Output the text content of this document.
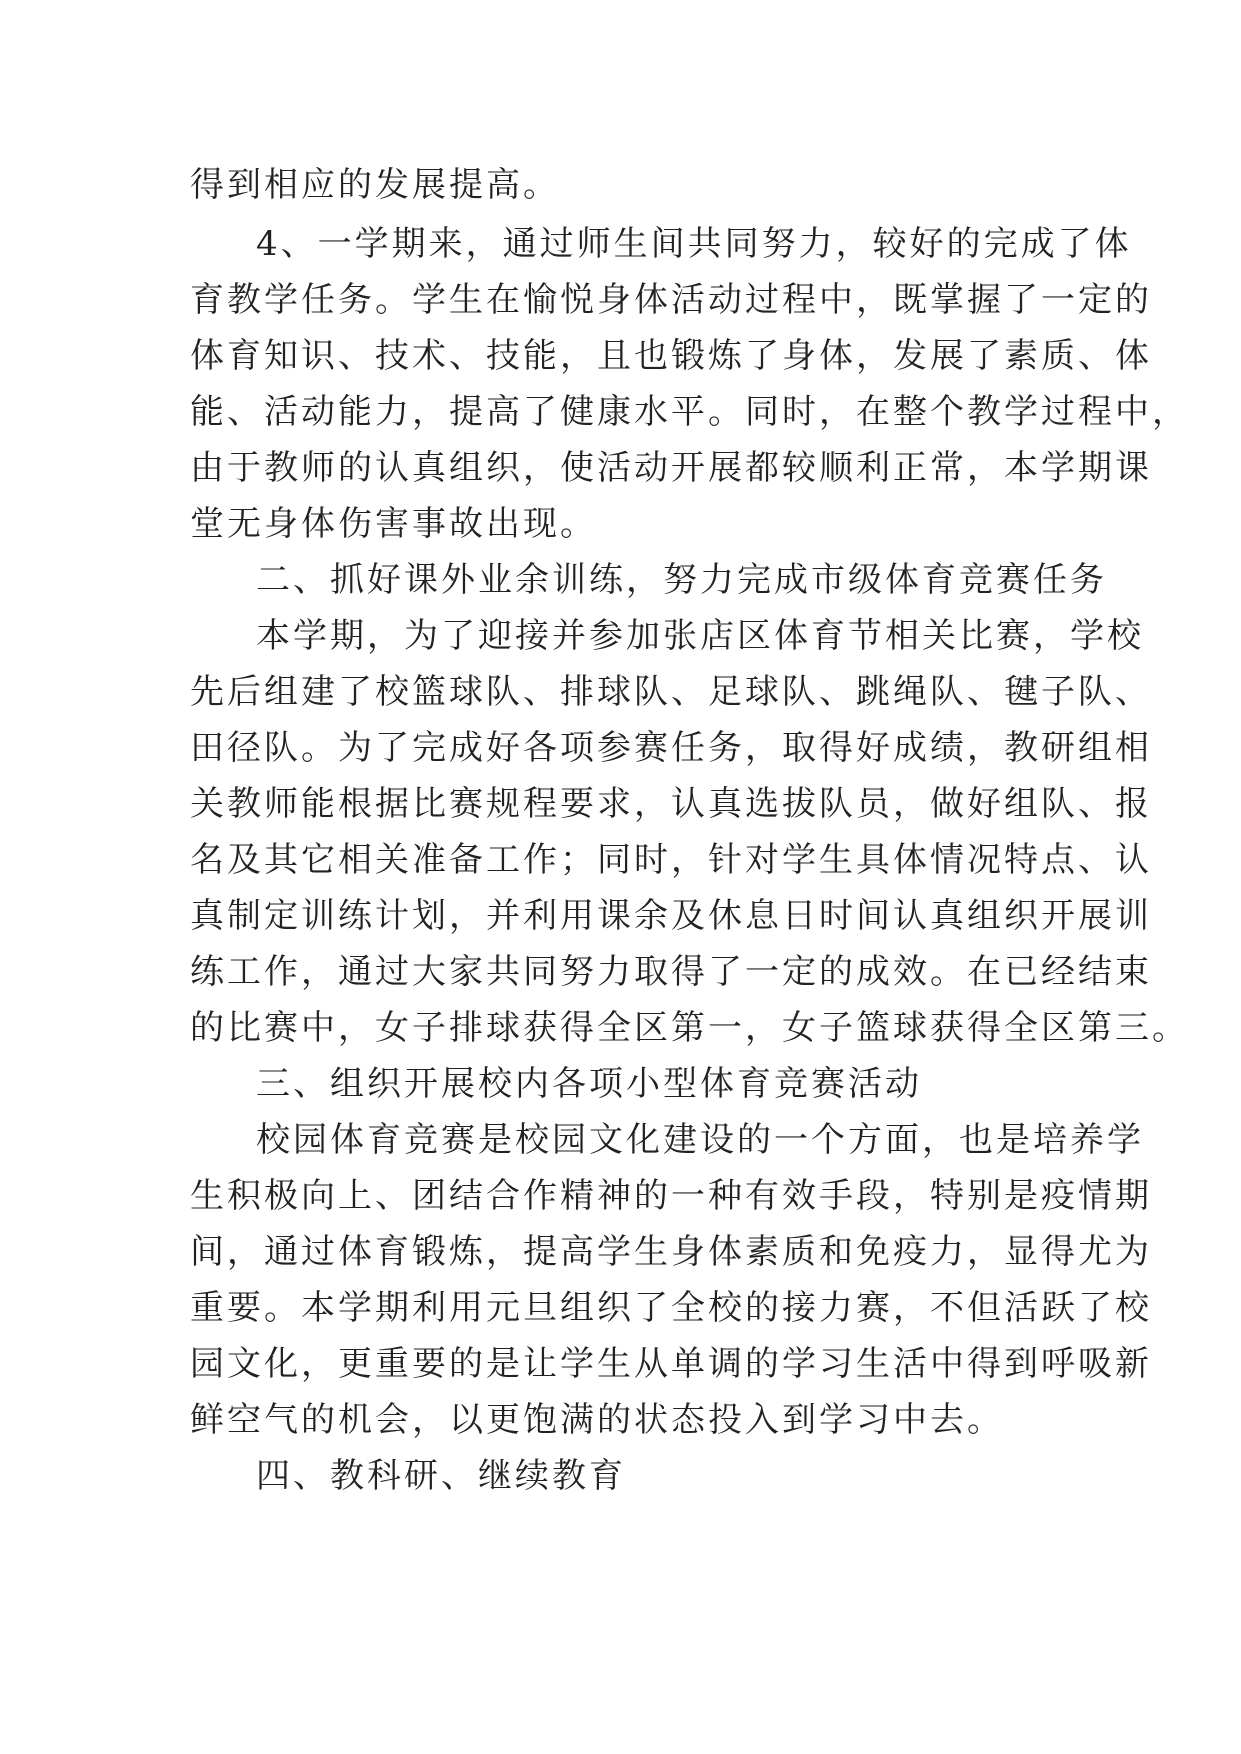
得到相应的发展提高。
4、一学期来，通过师生间共同努力，较好的完成了体
育教学任务。学生在愉悦身体活动过程中，既掌握了一定的
体育知识、技术、技能，且也锻炼了身体，发展了素质、体
能、活动能力，提高了健康水平。同时，在整个教学过程中，
由于教师的认真组织，使活动开展都较顺利正常，本学期课
堂无身体伤害事故出现。
二、抓好课外业余训练，努力完成市级体育竞赛任务
本学期，为了迎接并参加张店区体育节相关比赛，学校
先后组建了校篮球队、排球队、足球队、跳绳队、毽子队、
田径队。为了完成好各项参赛任务，取得好成绩，教研组相
关教师能根据比赛规程要求，认真选拔队员，做好组队、报
名及其它相关准备工作；同时，针对学生具体情况特点、认
真制定训练计划，并利用课余及休息日时间认真组织开展训
练工作，通过大家共同努力取得了一定的成效。在已经结束
的比赛中，女子排球获得全区第一，女子篮球获得全区第三。
三、组织开展校内各项小型体育竞赛活动
校园体育竞赛是校园文化建设的一个方面，也是培养学
生积极向上、团结合作精神的一种有效手段，特别是疫情期
间，通过体育锻炼，提高学生身体素质和免疫力，显得尤为
重要。本学期利用元旦组织了全校的接力赛，不但活跃了校
园文化，更重要的是让学生从单调的学习生活中得到呼吸新
鲜空气的机会，以更饱满的状态投入到学习中去。
四、教科研、继续教育
